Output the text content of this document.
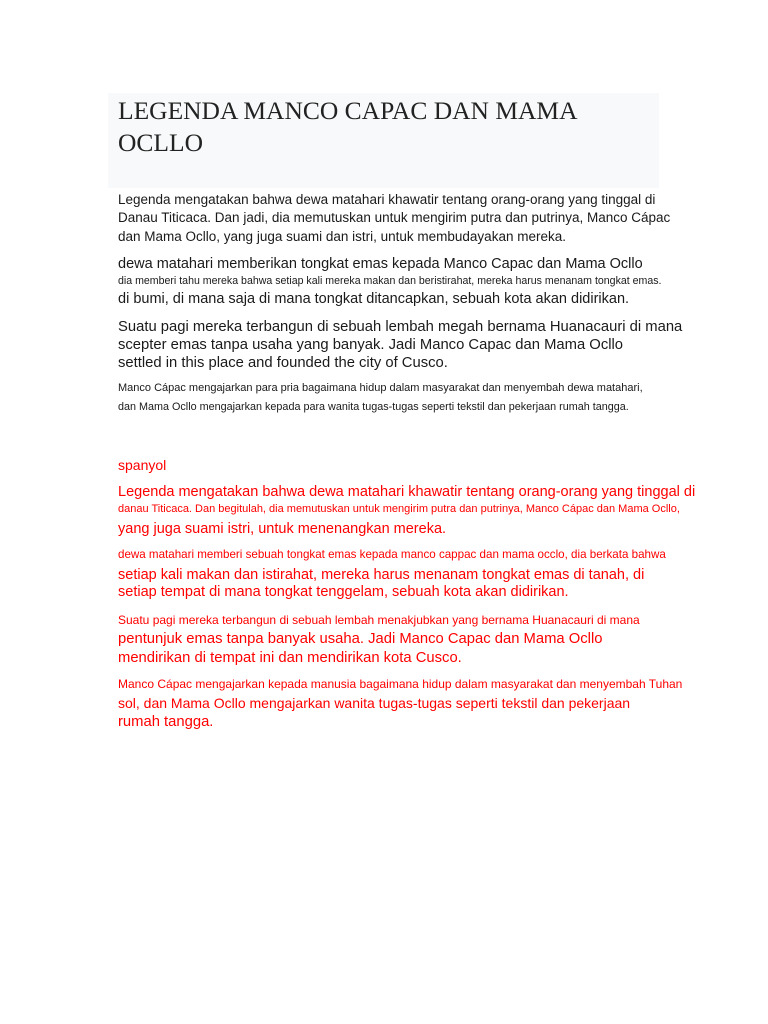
LEGENDA MANCO CAPAC DAN MAMA
OCLLO

Legenda mengatakan bahwa dewa matahari khawatir tentang orang-orang yang tinggal di

Danau Titicaca. Dan jadi, dia memutuskan untuk mengirim putra dan putrinya, Manco Cápac

dan Mama Ocllo, yang juga suami dan istri, untuk membudayakan mereka.

dewa matahari memberikan tongkat emas kepada Manco Capac dan Mama Ocllo

dia memberi tahu mereka bahwa setiap kali mereka makan dan beristirahat, mereka harus menanam tongkat emas.

di bumi, di mana saja di mana tongkat ditancapkan, sebuah kota akan didirikan.

Suatu pagi mereka terbangun di sebuah lembah megah bernama Huanacauri di mana

scepter emas tanpa usaha yang banyak. Jadi Manco Capac dan Mama Ocllo

settled in this place and founded the city of Cusco.

Manco Cápac mengajarkan para pria bagaimana hidup dalam masyarakat dan menyembah dewa matahari,

dan Mama Ocllo mengajarkan kepada para wanita tugas-tugas seperti tekstil dan pekerjaan rumah tangga.

spanyol

Legenda mengatakan bahwa dewa matahari khawatir tentang orang-orang yang tinggal di

danau Titicaca. Dan begitulah, dia memutuskan untuk mengirim putra dan putrinya, Manco Cápac dan Mama Ocllo,

yang juga suami istri, untuk menenangkan mereka.

dewa matahari memberi sebuah tongkat emas kepada manco cappac dan mama occlo, dia berkata bahwa

setiap kali makan dan istirahat, mereka harus menanam tongkat emas di tanah, di

setiap tempat di mana tongkat tenggelam, sebuah kota akan didirikan.

Suatu pagi mereka terbangun di sebuah lembah menakjubkan yang bernama Huanacauri di mana

pentunjuk emas tanpa banyak usaha. Jadi Manco Capac dan Mama Ocllo

mendirikan di tempat ini dan mendirikan kota Cusco.

Manco Cápac mengajarkan kepada manusia bagaimana hidup dalam masyarakat dan menyembah Tuhan

sol, dan Mama Ocllo mengajarkan wanita tugas-tugas seperti tekstil dan pekerjaan

rumah tangga.
